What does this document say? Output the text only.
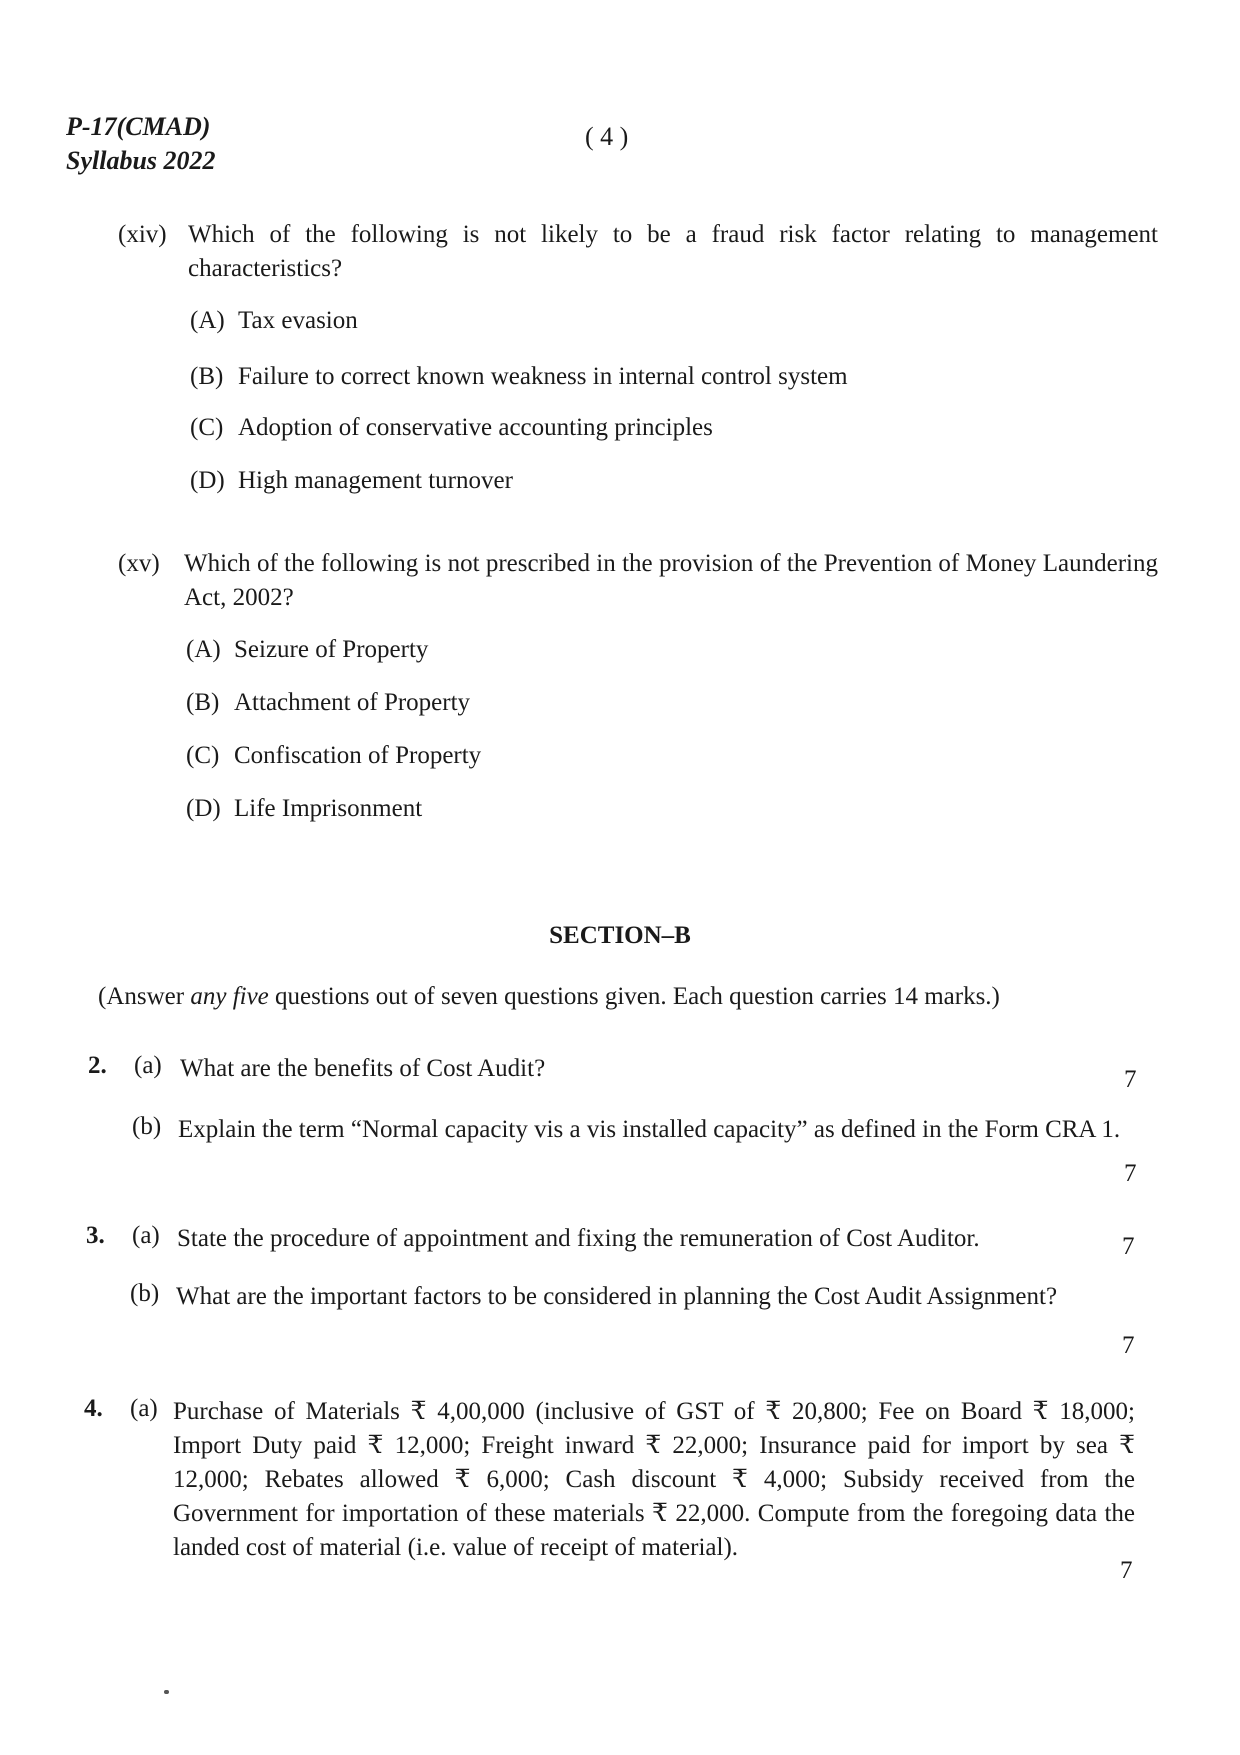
P-17(CMAD)
Syllabus 2022
( 4 )
(xiv) Which of the following is not likely to be a fraud risk factor relating to management characteristics?
(A) Tax evasion
(B) Failure to correct known weakness in internal control system
(C) Adoption of conservative accounting principles
(D) High management turnover
(xv) Which of the following is not prescribed in the provision of the Prevention of Money Laundering Act, 2002?
(A) Seizure of Property
(B) Attachment of Property
(C) Confiscation of Property
(D) Life Imprisonment
SECTION–B
(Answer any five questions out of seven questions given. Each question carries 14 marks.)
2. (a) What are the benefits of Cost Audit?	7
(b) Explain the term “Normal capacity vis a vis installed capacity” as defined in the Form CRA 1.
7
3. (a) State the procedure of appointment and fixing the remuneration of Cost Auditor.	7
(b) What are the important factors to be considered in planning the Cost Audit Assignment?
7
4. (a) Purchase of Materials ₹ 4,00,000 (inclusive of GST of ₹ 20,800; Fee on Board ₹ 18,000; Import Duty paid ₹ 12,000; Freight inward ₹ 22,000; Insurance paid for import by sea ₹ 12,000; Rebates allowed ₹ 6,000; Cash discount ₹ 4,000; Subsidy received from the Government for importation of these materials ₹ 22,000. Compute from the foregoing data the landed cost of material (i.e. value of receipt of material).
7
